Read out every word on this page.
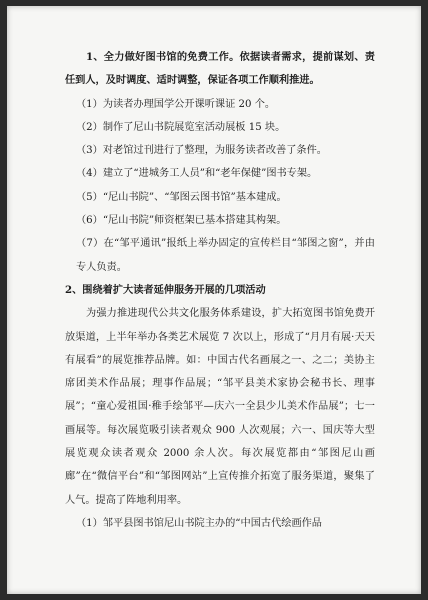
1、全力做好图书馆的免费工作。依据读者需求，提前谋划、责任到人，及时调度、适时调整，保证各项工作顺利推进。

（1）为读者办理国学公开课听课证 20 个。

（2）制作了尼山书院展览室活动展板 15 块。

（3）对老馆过刊进行了整理，为服务读者改善了条件。

（4）建立了“进城务工人员”和“老年保健”图书专架。

（5）“尼山书院”、“邹图云图书馆”基本建成。

（6）“尼山书院”师资框架已基本搭建其构架。

（7）在“邹平通讯”报纸上举办固定的宣传栏目“邹图之窗”，并由专人负责。

2、围绕着扩大读者延伸服务开展的几项活动

为强力推进现代公共文化服务体系建设，扩大拓宽图书馆免费开放渠道，上半年举办各类艺术展览 7 次以上，形成了“月月有展·天天有展看”的展览推荐品牌。如：中国古代名画展之一、之二；美协主席团美术作品展；理事作品展；“邹平县美术家协会秘书长、理事展”；“童心爱祖国·稚手绘邹平—庆六一全县少儿美术作品展”；七一画展等。每次展览吸引读者观众 900 人次观展；六一、国庆等大型展览观众读者观众 2000 余人次。每次展览都由“邹图尼山画廊”在“微信平台”和“邹图网站”上宣传推介拓宽了服务渠道，聚集了人气。提高了阵地利用率。

（1）邹平县图书馆尼山书院主办的“中国古代绘画作品
